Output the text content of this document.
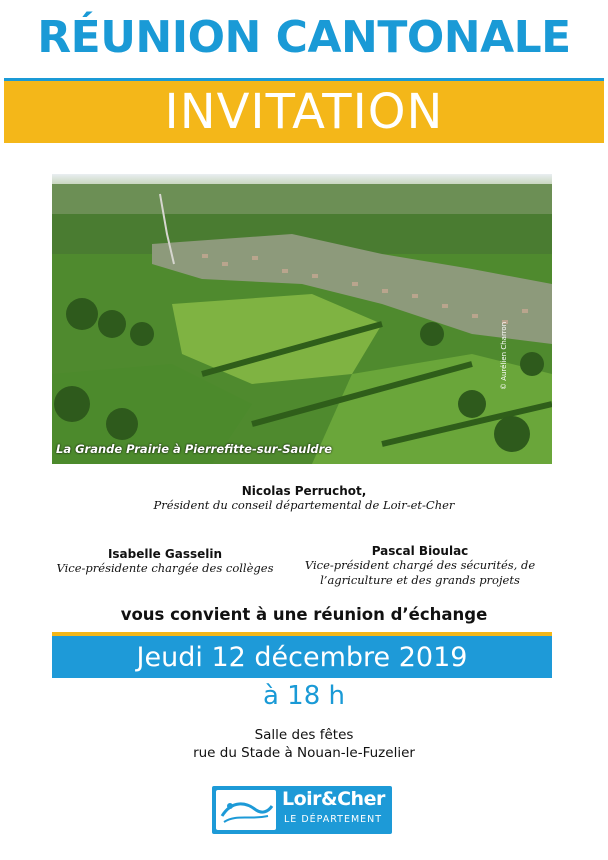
RÉUNION CANTONALE
INVITATION
La Grande Prairie à Pierrefitte-sur-Sauldre
© Aurélien Charron
Nicolas Perruchot,
Président du conseil départemental de Loir-et-Cher
Isabelle Gasselin
Vice-présidente chargée des collèges
Pascal Bioulac
Vice-président chargé des sécurités, de
l’agriculture et des grands projets
vous convient à une réunion d’échange
Jeudi 12 décembre 2019
à 18 h
Salle des fêtes
rue du Stade à Nouan-le-Fuzelier
Loir&Cher
LE DÉPARTEMENT
